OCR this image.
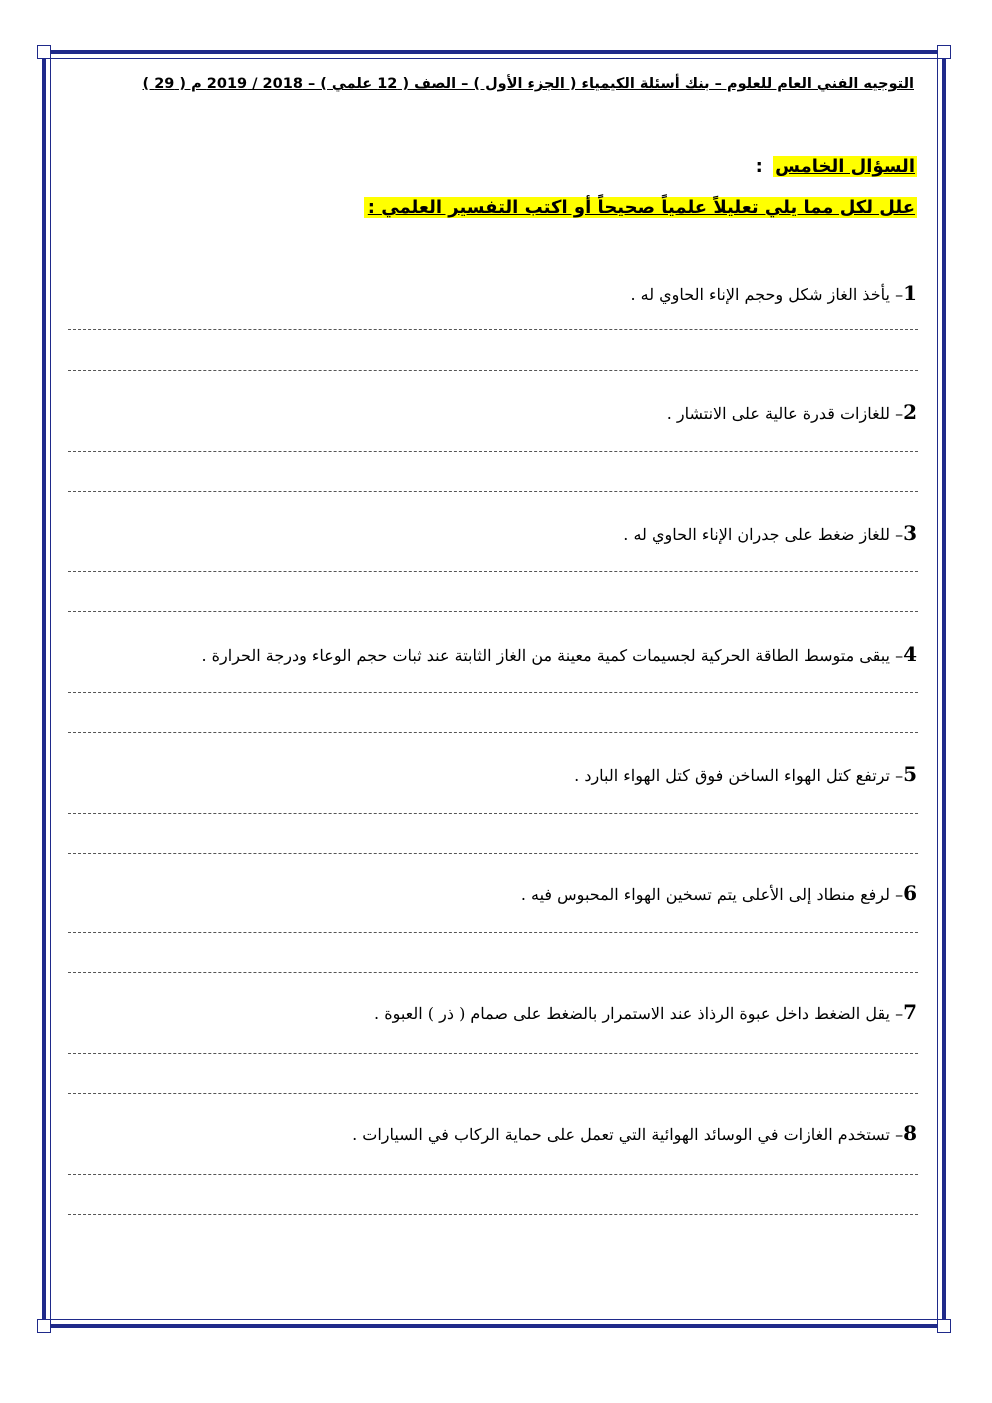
التوجيه الفني العام للعلوم – بنك أسئلة الكيمياء ( الجزء الأول ) – الصف ( 12 علمي ) – 2018 / 2019 م ( 29 )
السؤال الخامس :
علل لكل مما يلي تعليلاً علمياً صحيحاً أو اكتب التفسير العلمي :
1– يأخذ الغاز شكل وحجم الإناء الحاوي له .
2– للغازات قدرة عالية على الانتشار .
3– للغاز ضغط على جدران الإناء الحاوي له .
4– يبقى متوسط الطاقة الحركية لجسيمات كمية معينة من الغاز الثابتة عند ثبات حجم الوعاء ودرجة الحرارة .
5– ترتفع كتل الهواء الساخن فوق كتل الهواء البارد .
6– لرفع منطاد إلى الأعلى يتم تسخين الهواء المحبوس فيه .
7– يقل الضغط داخل عبوة الرذاذ عند الاستمرار بالضغط على صمام ( ذر ) العبوة .
8– تستخدم الغازات في الوسائد الهوائية التي تعمل على حماية الركاب في السيارات .
